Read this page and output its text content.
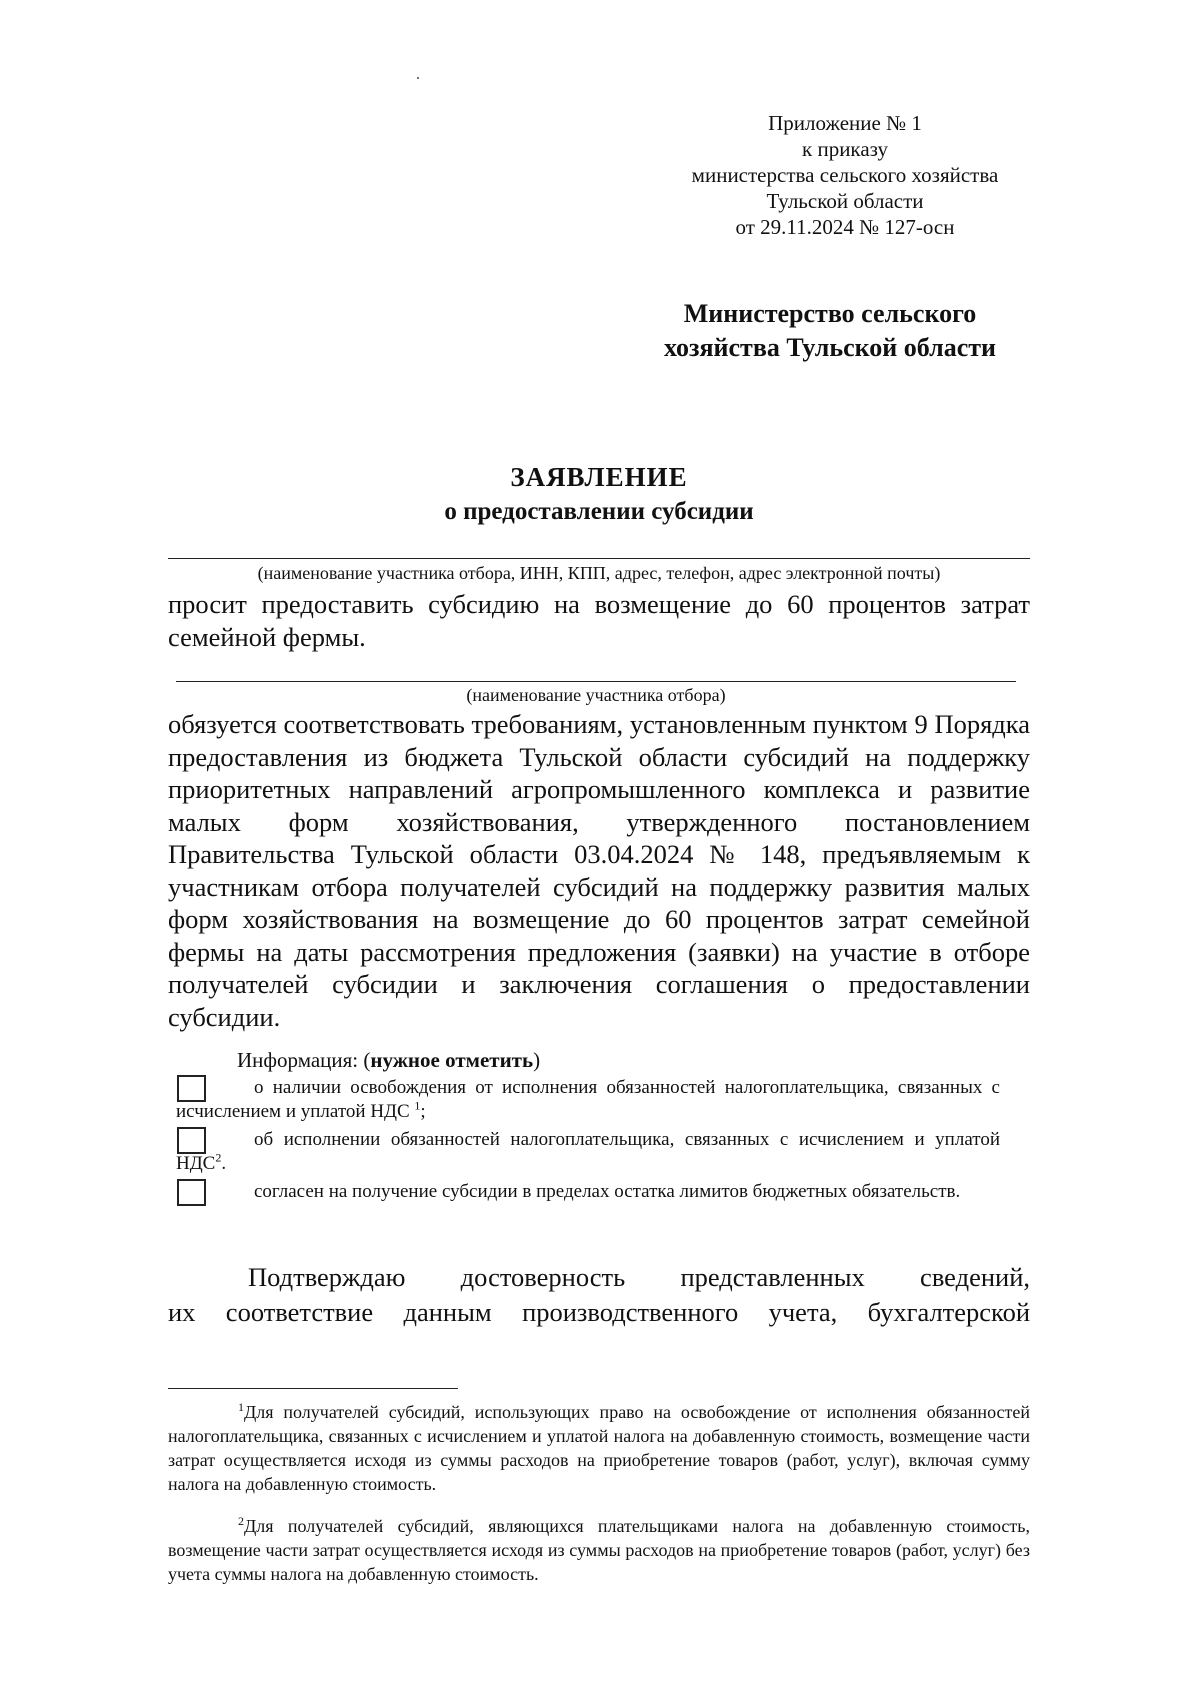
Приложение № 1
к приказу
министерства сельского хозяйства
Тульской области
от 29.11.2024 № 127-осн
Министерство сельского
хозяйства Тульской области
ЗАЯВЛЕНИЕ
о предоставлении субсидии
(наименование участника отбора, ИНН, КПП, адрес, телефон, адрес электронной почты)
просит предоставить субсидию на возмещение до 60 процентов затрат семейной фермы.
(наименование участника отбора)
обязуется соответствовать требованиям, установленным пунктом 9 Порядка предоставления из бюджета Тульской области субсидий на поддержку приоритетных направлений агропромышленного комплекса и развитие малых форм хозяйствования, утвержденного постановлением Правительства Тульской области 03.04.2024 № 148, предъявляемым к участникам отбора получателей субсидий на поддержку развития малых форм хозяйствования на возмещение до 60 процентов затрат семейной фермы на даты рассмотрения предложения (заявки) на участие в отборе получателей субсидии и заключения соглашения о предоставлении субсидии.
Информация: (нужное отметить)
о наличии освобождения от исполнения обязанностей налогоплательщика, связанных с исчислением и уплатой НДС $^1$;
об исполнении обязанностей налогоплательщика, связанных с исчислением и уплатой НДС$^2$.
согласен на получение субсидии в пределах остатка лимитов бюджетных обязательств.
Подтверждаю достоверность представленных сведений,
их соответствие данным производственного учета, бухгалтерской
$^1$Для получателей субсидий, использующих право на освобождение от исполнения обязанностей налогоплательщика, связанных с исчислением и уплатой налога на добавленную стоимость, возмещение части затрат осуществляется исходя из суммы расходов на приобретение товаров (работ, услуг), включая сумму налога на добавленную стоимость.
$^2$Для получателей субсидий, являющихся плательщиками налога на добавленную стоимость, возмещение части затрат осуществляется исходя из суммы расходов на приобретение товаров (работ, услуг) без учета суммы налога на добавленную стоимость.
